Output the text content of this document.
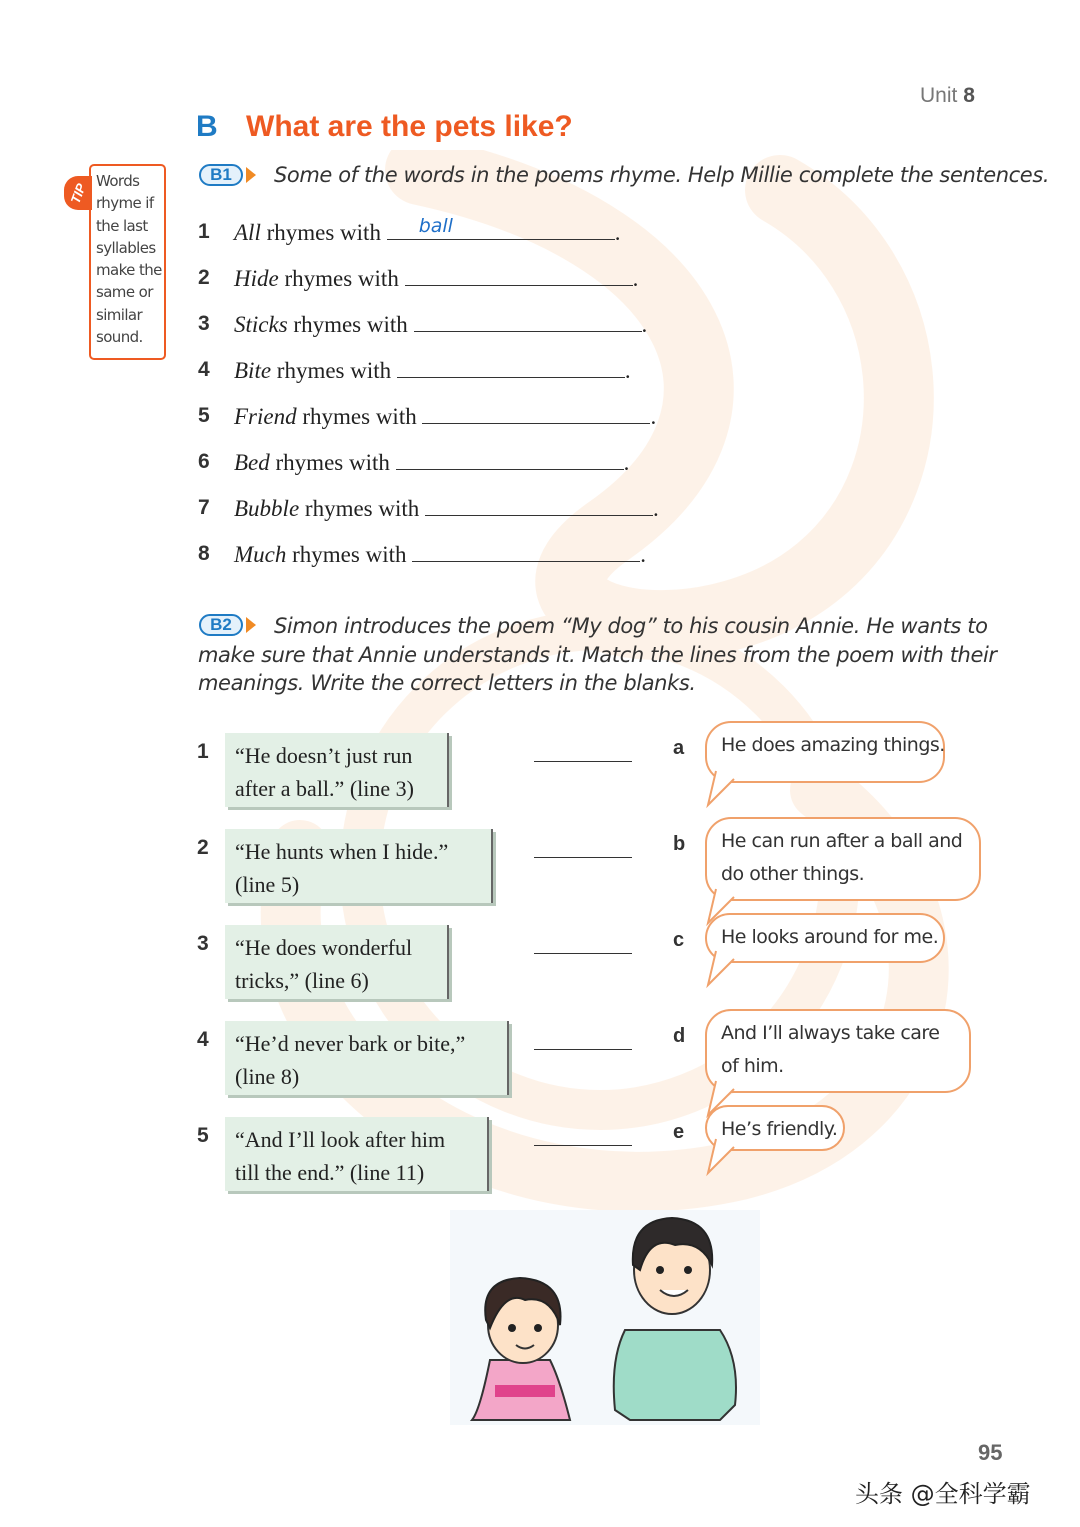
Unit 8
B What are the pets like?
TIP Words
rhyme if
the last
syllables
make the
same or
similar
sound.
B1	Some of the words in the poems rhyme. Help Millie complete the sentences.
1 All rhymes with ball	.
2 Hide rhymes with	.
3 Sticks rhymes with	.
4 Bite rhymes with	.
5 Friend rhymes with	.
6 Bed rhymes with	.
7 Bubble rhymes with	.
8 Much rhymes with	.
B2	Simon introduces the poem “My dog” to his cousin Annie. He wants to
make sure that Annie understands it. Match the lines from the poem with their
meanings. Write the correct letters in the blanks.
1 “He doesn’t just run
after a ball.” (line 3)
a He does amazing things.
2 “He hunts when I hide.”
(line 5)
b He can run after a ball and
do other things.
3 “He does wonderful
tricks,” (line 6)
c He looks around for me.
4 “He’d never bark or bite,”
(line 8)
d And I’ll always take care
of him.
5 “And I’ll look after him
till the end.” (line 11)
e He’s friendly.
95
头条 @全科学霸
